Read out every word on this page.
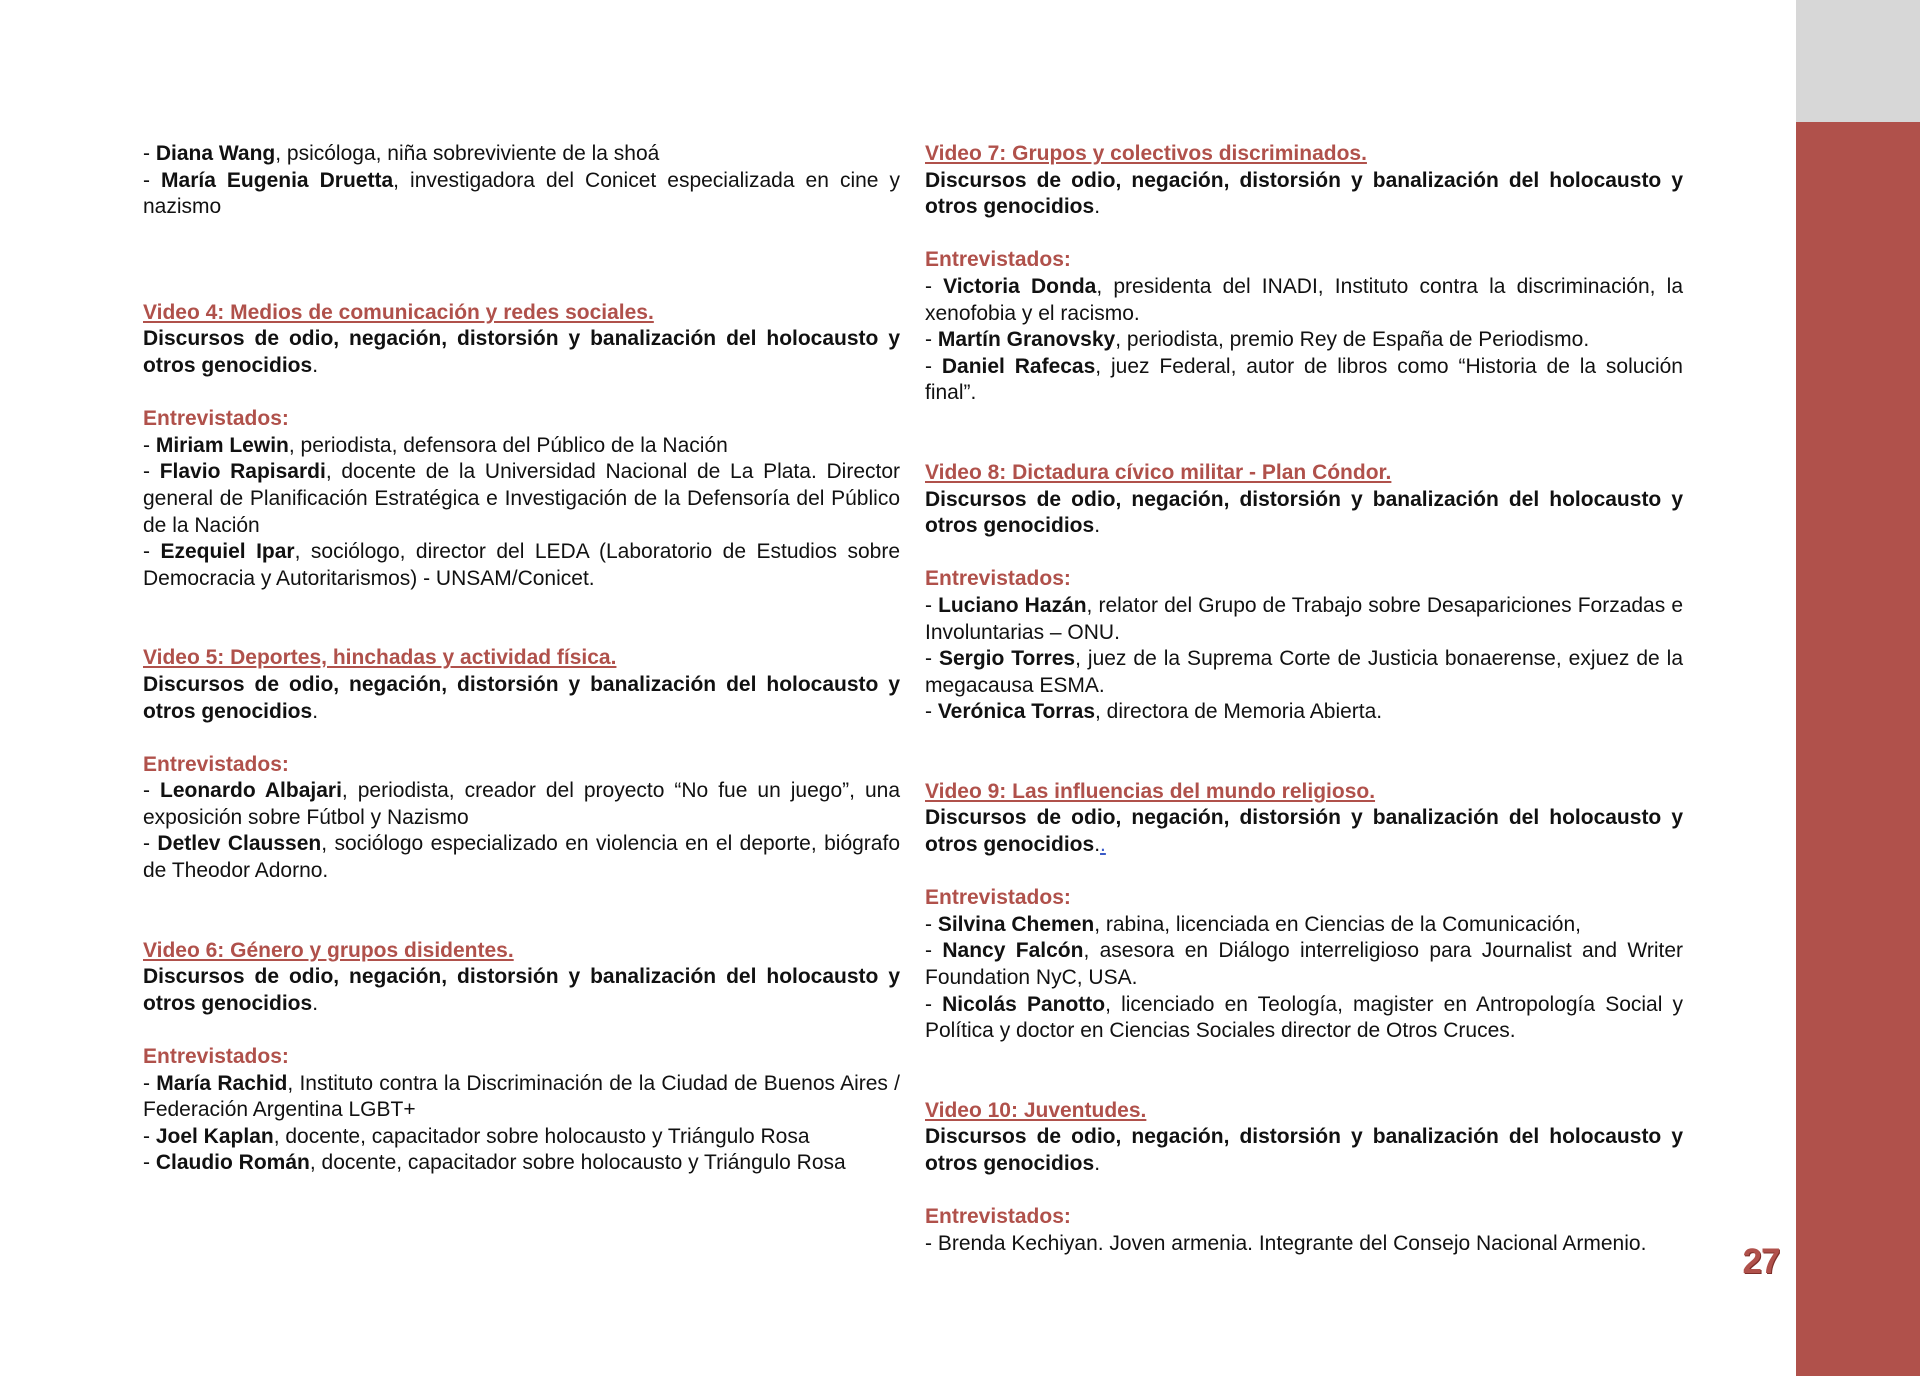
- Diana Wang, psicóloga, niña sobreviviente de la shoá

- María Eugenia Druetta, investigadora del Conicet especializada en cine y nazismo

Video 4: Medios de comunicación y redes sociales.

Discursos de odio, negación, distorsión y banalización del holocausto y otros genocidios.

Entrevistados:

- Miriam Lewin, periodista, defensora del Público de la Nación

- Flavio Rapisardi, docente de la Universidad Nacional de La Plata. Director general de Planificación Estratégica e Investigación de la Defensoría del Público de la Nación

- Ezequiel Ipar, sociólogo, director del LEDA (Laboratorio de Estudios sobre Democracia y Autoritarismos) - UNSAM/Conicet.

Video 5: Deportes, hinchadas y actividad física.

Discursos de odio, negación, distorsión y banalización del holocausto y otros genocidios.

Entrevistados:

- Leonardo Albajari, periodista, creador del proyecto “No fue un juego”, una exposición sobre Fútbol y Nazismo

- Detlev Claussen, sociólogo especializado en violencia en el deporte, biógrafo de Theodor Adorno.

Video 6: Género y grupos disidentes.

Discursos de odio, negación, distorsión y banalización del holocausto y otros genocidios.

Entrevistados:

- María Rachid, Instituto contra la Discriminación de la Ciudad de Buenos Aires / Federación Argentina LGBT+

- Joel Kaplan, docente, capacitador sobre holocausto y Triángulo Rosa

- Claudio Román, docente, capacitador sobre holocausto y Triángulo Rosa

Video 7: Grupos y colectivos discriminados.

Discursos de odio, negación, distorsión y banalización del holocausto y otros genocidios.

Entrevistados:

- Victoria Donda, presidenta del INADI, Instituto contra la discriminación, la xenofobia y el racismo.

- Martín Granovsky, periodista, premio Rey de España de Periodismo.

- Daniel Rafecas, juez Federal, autor de libros como “Historia de la solución final”.

Video 8: Dictadura cívico militar - Plan Cóndor.

Discursos de odio, negación, distorsión y banalización del holocausto y otros genocidios.

Entrevistados:

- Luciano Hazán, relator del Grupo de Trabajo sobre Desapariciones Forzadas e Involuntarias – ONU.

- Sergio Torres, juez de la Suprema Corte de Justicia bonaerense, exjuez de la megacausa ESMA.

- Verónica Torras, directora de Memoria Abierta.

Video 9: Las influencias del mundo religioso.

Discursos de odio, negación, distorsión y banalización del holocausto y otros genocidios..

Entrevistados:

- Silvina Chemen, rabina, licenciada en Ciencias de la Comunicación,

- Nancy Falcón, asesora en Diálogo interreligioso para Journalist and Writer Foundation NyC, USA.

- Nicolás Panotto, licenciado en Teología, magister en Antropología Social y Política y doctor en Ciencias Sociales director de Otros Cruces.

Video 10: Juventudes.

Discursos de odio, negación, distorsión y banalización del holocausto y otros genocidios.

Entrevistados:

- Brenda Kechiyan. Joven armenia. Integrante del Consejo Nacional Armenio.	27
